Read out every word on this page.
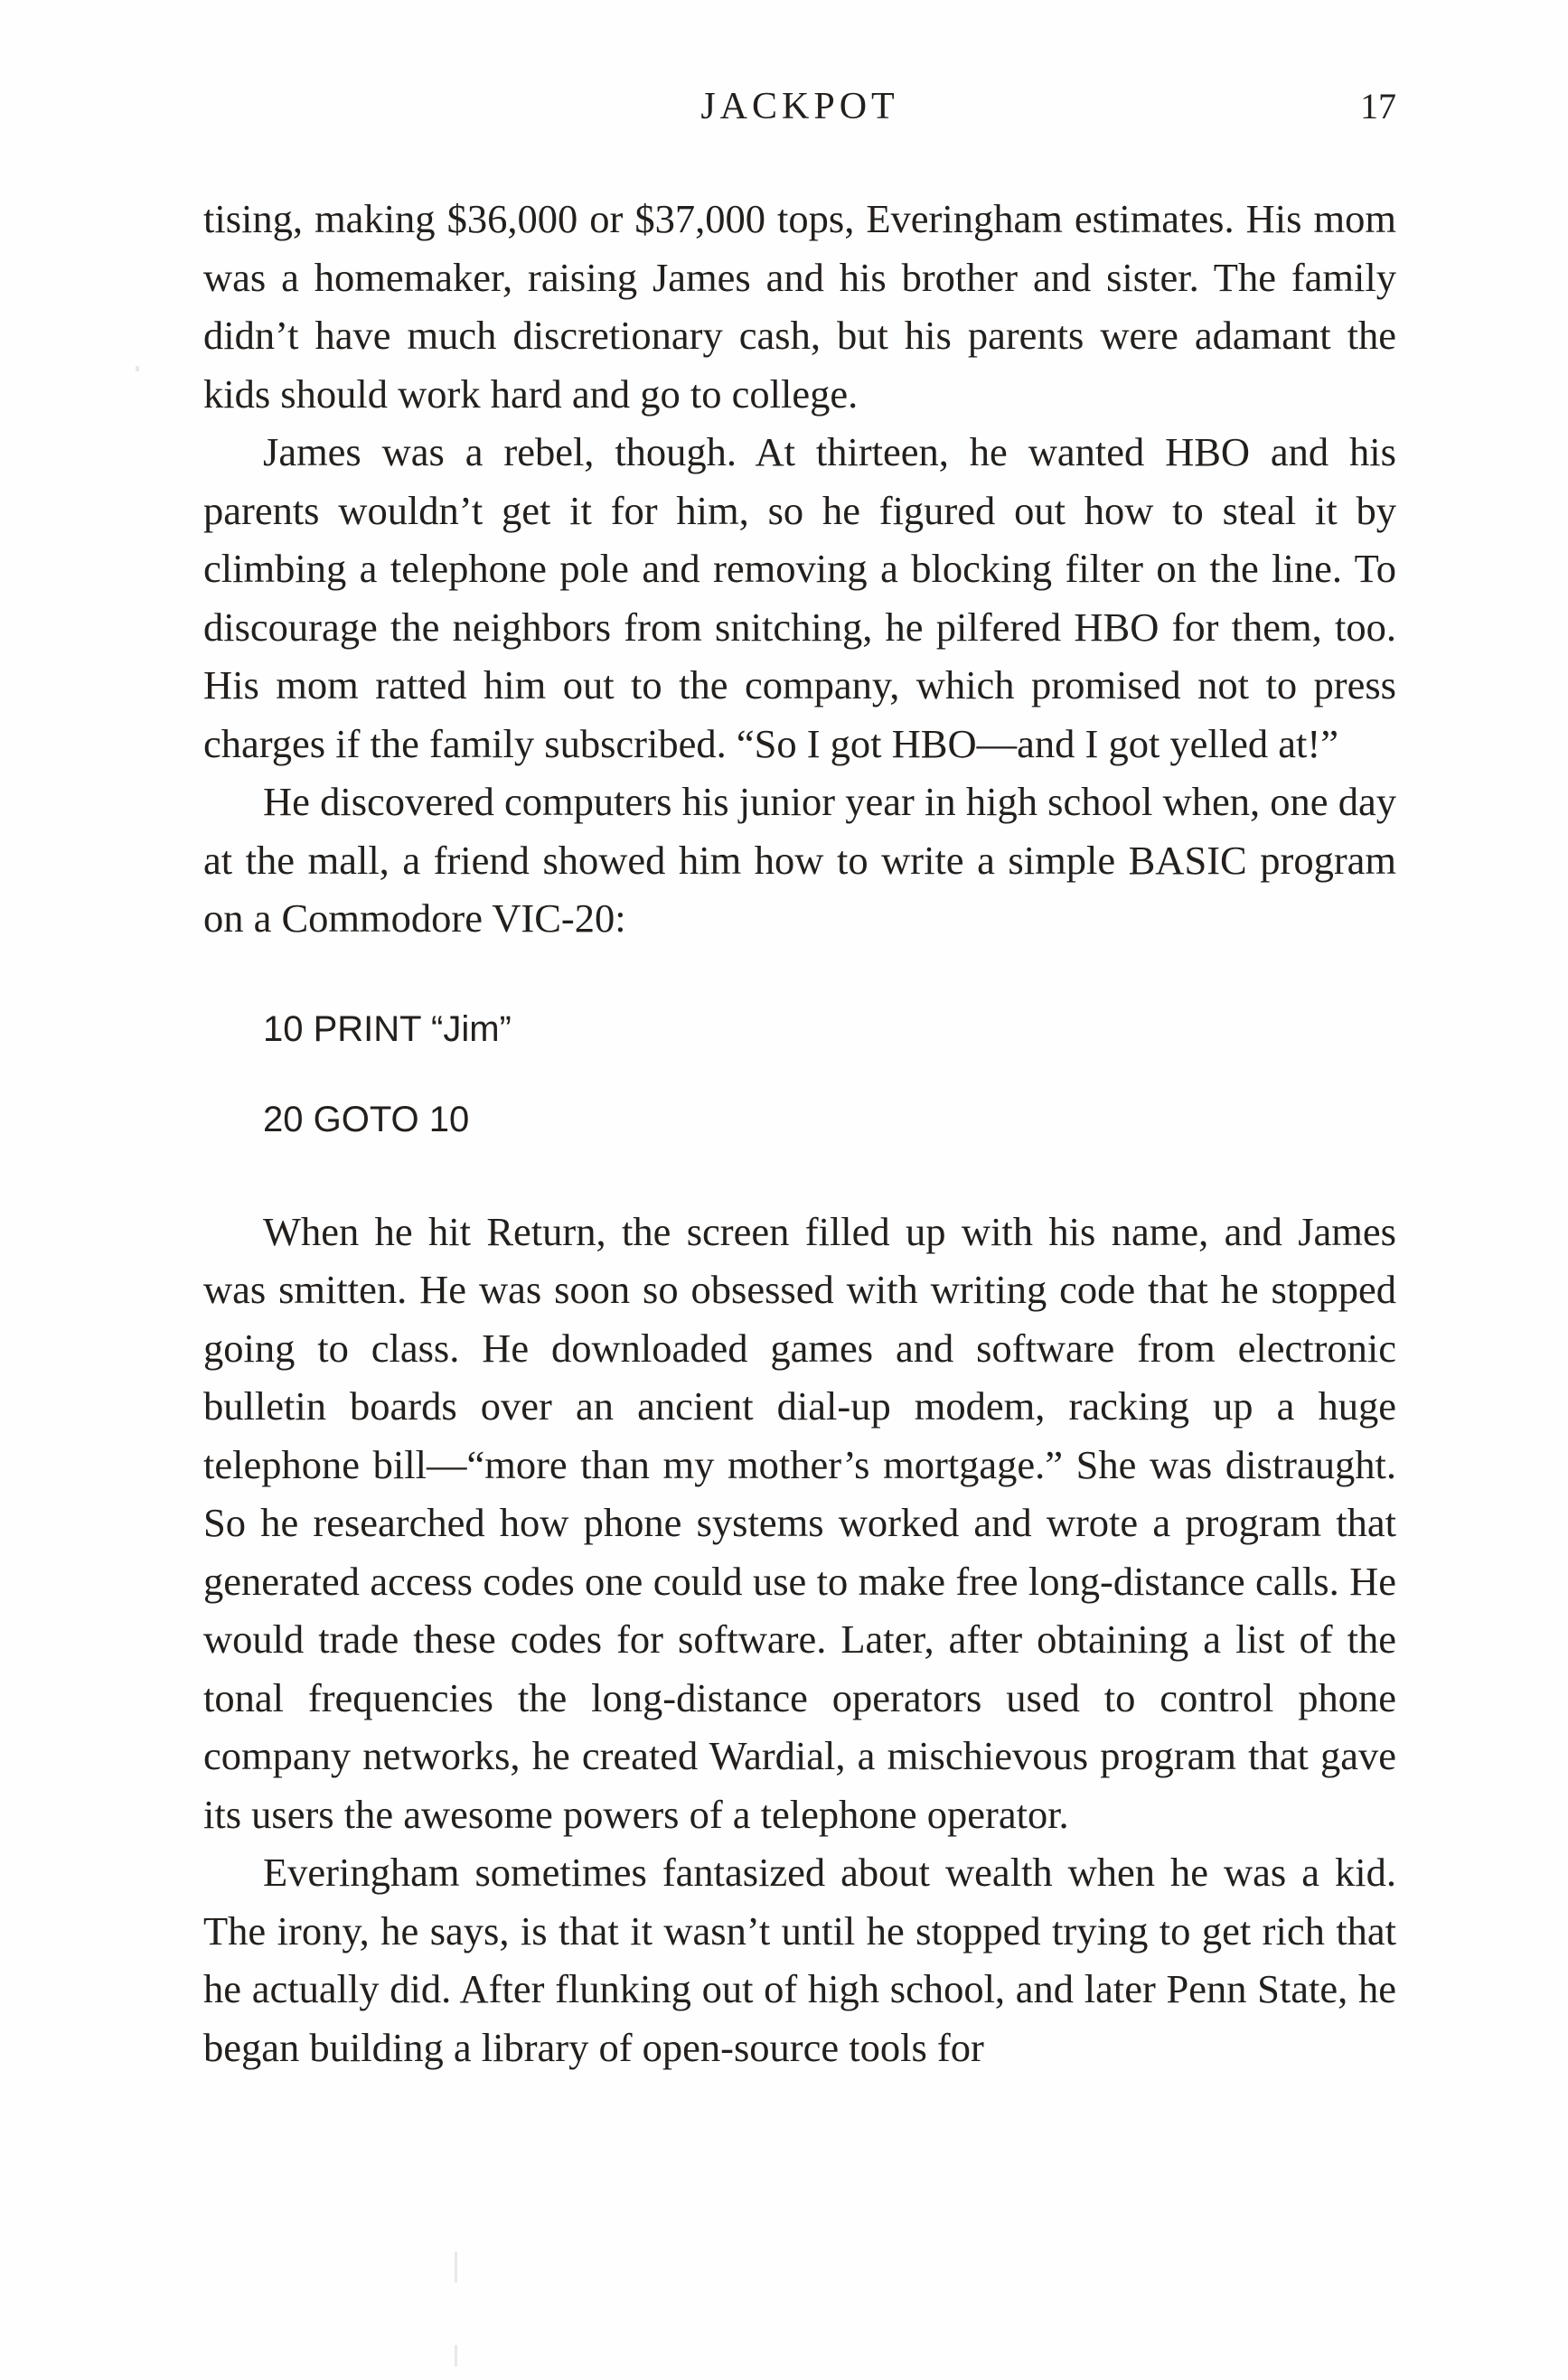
JACKPOT	17

tising, making $36,000 or $37,000 tops, Everingham estimates. His mom was a homemaker, raising James and his brother and sister. The family didn’t have much discretionary cash, but his parents were adamant the kids should work hard and go to college.

James was a rebel, though. At thirteen, he wanted HBO and his parents wouldn’t get it for him, so he figured out how to steal it by climbing a telephone pole and removing a blocking filter on the line. To discourage the neighbors from snitching, he pilfered HBO for them, too. His mom ratted him out to the company, which promised not to press charges if the family subscribed. “So I got HBO—and I got yelled at!”

He discovered computers his junior year in high school when, one day at the mall, a friend showed him how to write a simple BASIC program on a Commodore VIC-20:

10 PRINT “Jim”
20 GOTO 10

When he hit Return, the screen filled up with his name, and James was smitten. He was soon so obsessed with writing code that he stopped going to class. He downloaded games and software from electronic bulletin boards over an ancient dial-up modem, racking up a huge telephone bill—“more than my mother’s mortgage.” She was distraught. So he researched how phone systems worked and wrote a program that generated access codes one could use to make free long-distance calls. He would trade these codes for software. Later, after obtaining a list of the tonal frequencies the long-distance operators used to control phone company networks, he created Wardial, a mischievous program that gave its users the awesome powers of a telephone operator.

Everingham sometimes fantasized about wealth when he was a kid. The irony, he says, is that it wasn’t until he stopped trying to get rich that he actually did. After flunking out of high school, and later Penn State, he began building a library of open-source tools for
